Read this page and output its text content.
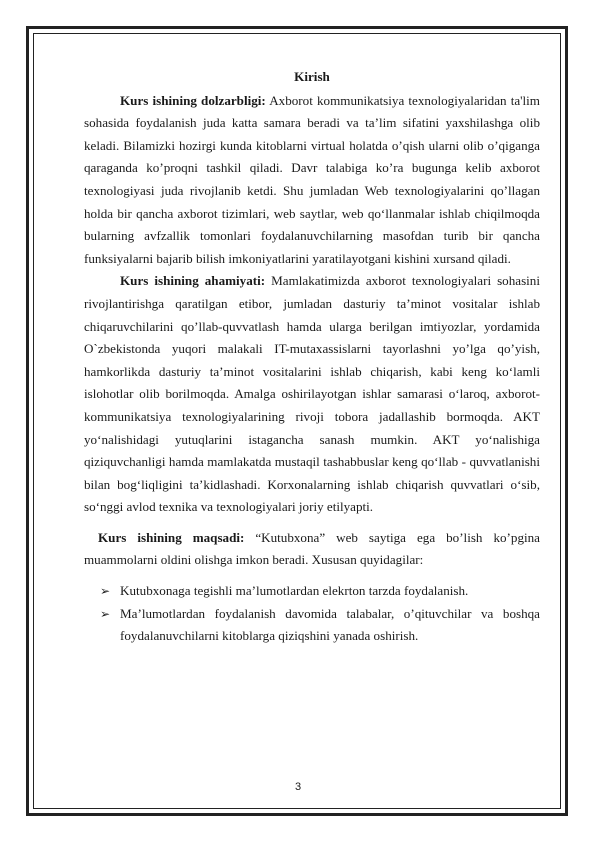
Kirish

Kurs ishining dolzarbligi: Axborot kommunikatsiya texnologiyalaridan ta'lim sohasida foydalanish juda katta samara beradi va ta’lim sifatini yaxshilashga olib keladi. Bilamizki hozirgi kunda kitoblarni virtual holatda o’qish ularni olib o’qiganga qaraganda ko’proqni tashkil qiladi. Davr talabiga ko’ra bugunga kelib axborot texnologiyasi juda rivojlanib ketdi. Shu jumladan Web texnologiyalarini qo’llagan holda bir qancha axborot tizimlari, web saytlar, web qo‘llanmalar ishlab chiqilmoqda bularning avfzallik tomonlari foydalanuvchilarning masofdan turib bir qancha funksiyalarni bajarib bilish imkoniyatlarini yaratilayotgani kishini xursand qiladi.

Kurs ishining ahamiyati: Mamlakatimizda axborot texnologiyalari sohasini rivojlantirishga qaratilgan etibor, jumladan dasturiy ta’minot vositalar ishlab chiqaruvchilarini qo’llab-quvvatlash hamda ularga berilgan imtiyozlar, yordamida O`zbekistonda yuqori malakali IT-mutaxassislarni tayorlashni yo’lga qo’yish, hamkorlikda dasturiy ta’minot vositalarini ishlab chiqarish, kabi keng ko‘lamli islohotlar olib borilmoqda. Amalga oshirilayotgan ishlar samarasi o‘laroq, axborot-kommunikatsiya texnologiyalarining rivoji tobora jadallashib bormoqda. AKT yo‘nalishidagi yutuqlarini istagancha sanash mumkin. AKT yo‘nalishiga qiziquvchanligi hamda mamlakatda mustaqil tashabbuslar keng qo‘llab - quvvatlanishi bilan bog‘liqligini ta’kidlashadi. Korxonalarning ishlab chiqarish quvvatlari o‘sib, so‘nggi avlod texnika va texnologiyalari joriy etilyapti.

Kurs ishining maqsadi: “Kutubxona” web saytiga ega bo’lish ko’pgina muammolarni oldini olishga imkon beradi. Xususan quyidagilar:

➢ Kutubxonaga tegishli ma’lumotlardan elekrton tarzda foydalanish.
➢ Ma’lumotlardan foydalanish davomida talabalar, o’qituvchilar va boshqa foydalanuvchilarni kitoblarga qiziqshini yanada oshirish.
3
